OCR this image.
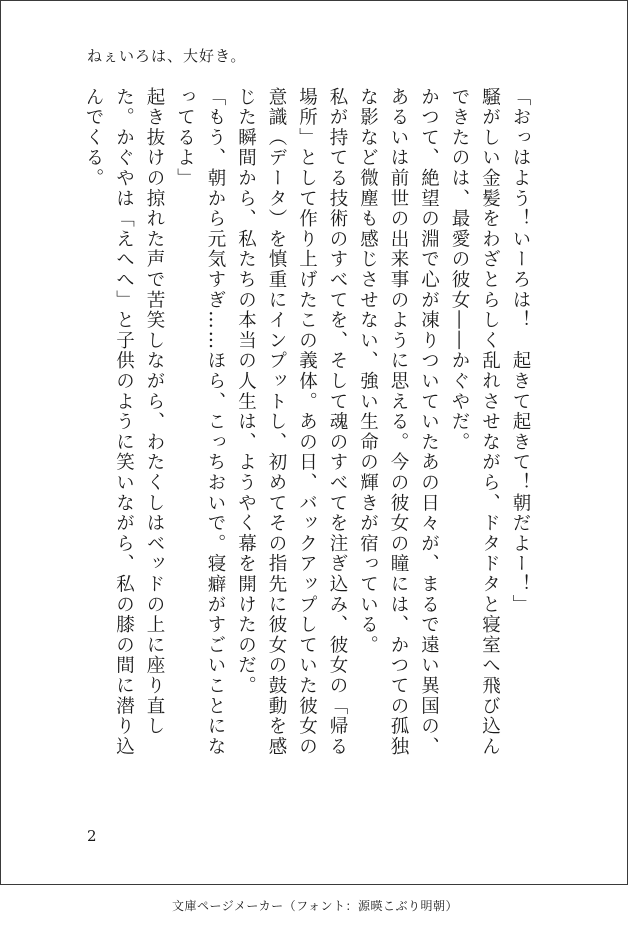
ねぇいろは、大好き。

「おっはよう！いーろは！　起きて起きて！朝だよー！」

騒がしい金髪をわざとらしく乱れさせながら、ドタドタと寝室へ飛び込んできたのは、最愛の彼女――かぐやだ。

かつて、絶望の淵で心が凍りついていたあの日々が、まるで遠い異国の、あるいは前世の出来事のように思える。今の彼女の瞳には、かつての孤独な影など微塵も感じさせない、強い生命の輝きが宿っている。

私が持てる技術のすべてを、そして魂のすべてを注ぎ込み、彼女の「帰る場所」として作り上げたこの義体。あの日、バックアップしていた彼女の意識（データ）を慎重にインプットし、初めてその指先に彼女の鼓動を感じた瞬間から、私たちの本当の人生は、ようやく幕を開けたのだ。

「もう、朝から元気すぎ……ほら、こっちおいで。寝癖がすごいことになってるよ」

起き抜けの掠れた声で苦笑しながら、わたくしはベッドの上に座り直した。かぐやは「えへへ」と子供のように笑いながら、私の膝の間に潜り込んでくる。

2
文庫ページメーカー（フォント：源暎こぶり明朝）
